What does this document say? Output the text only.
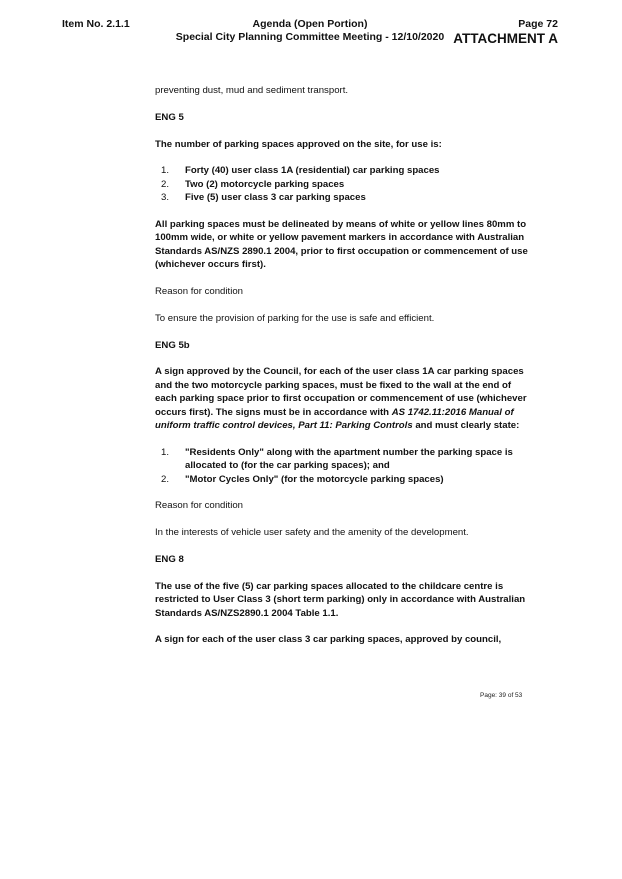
Item No. 2.1.1	Agenda (Open Portion)
Special City Planning Committee Meeting - 12/10/2020
Page 72
ATTACHMENT A

preventing dust, mud and sediment transport.

ENG 5

The number of parking spaces approved on the site, for use is:

1. Forty (40) user class 1A (residential) car parking spaces
2. Two (2) motorcycle parking spaces
3. Five (5) user class 3 car parking spaces

All parking spaces must be delineated by means of white or yellow lines 80mm to 100mm wide, or white or yellow pavement markers in accordance with Australian Standards AS/NZS 2890.1 2004, prior to first occupation or commencement of use (whichever occurs first).

Reason for condition

To ensure the provision of parking for the use is safe and efficient.

ENG 5b

A sign approved by the Council, for each of the user class 1A car parking spaces and the two motorcycle parking spaces, must be fixed to the wall at the end of each parking space prior to first occupation or commencement of use (whichever occurs first). The signs must be in accordance with AS 1742.11:2016 Manual of uniform traffic control devices, Part 11: Parking Controls and must clearly state:

1. "Residents Only" along with the apartment number the parking space is allocated to (for the car parking spaces); and
2. "Motor Cycles Only" (for the motorcycle parking spaces)

Reason for condition

In the interests of vehicle user safety and the amenity of the development.

ENG 8

The use of the five (5) car parking spaces allocated to the childcare centre is restricted to User Class 3 (short term parking) only in accordance with Australian Standards AS/NZS2890.1 2004 Table 1.1.

A sign for each of the user class 3 car parking spaces, approved by council,

Page: 39 of 53
